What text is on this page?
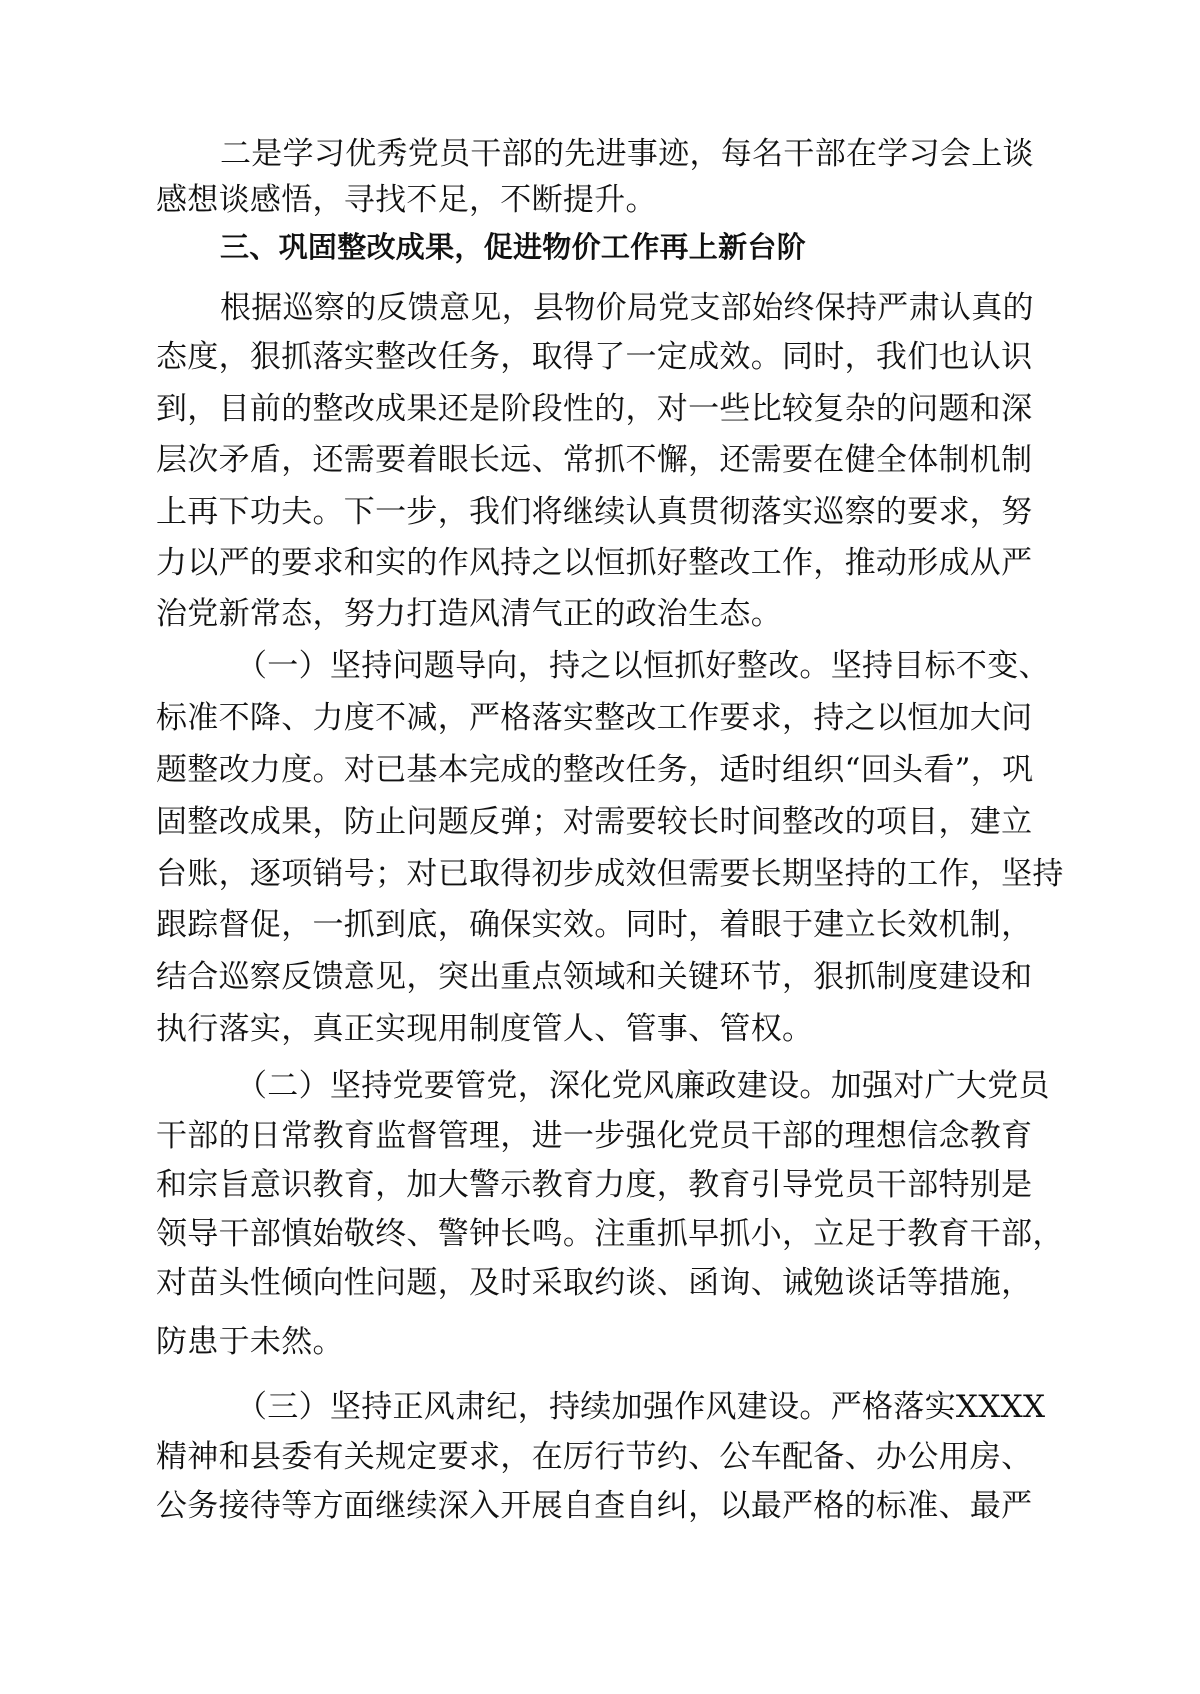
二是学习优秀党员干部的先进事迹，每名干部在学习会上谈
感想谈感悟，寻找不足，不断提升。
三、巩固整改成果，促进物价工作再上新台阶
根据巡察的反馈意见，县物价局党支部始终保持严肃认真的
态度，狠抓落实整改任务，取得了一定成效。同时，我们也认识
到，目前的整改成果还是阶段性的，对一些比较复杂的问题和深
层次矛盾，还需要着眼长远、常抓不懈，还需要在健全体制机制
上再下功夫。下一步，我们将继续认真贯彻落实巡察的要求，努
力以严的要求和实的作风持之以恒抓好整改工作，推动形成从严
治党新常态，努力打造风清气正的政治生态。
（一）坚持问题导向，持之以恒抓好整改。坚持目标不变、
标准不降、力度不减，严格落实整改工作要求，持之以恒加大问
题整改力度。对已基本完成的整改任务，适时组织“回头看”，巩
固整改成果，防止问题反弹；对需要较长时间整改的项目，建立
台账，逐项销号；对已取得初步成效但需要长期坚持的工作，坚持
跟踪督促，一抓到底，确保实效。同时，着眼于建立长效机制，
结合巡察反馈意见，突出重点领域和关键环节，狠抓制度建设和
执行落实，真正实现用制度管人、管事、管权。
（二）坚持党要管党，深化党风廉政建设。加强对广大党员
干部的日常教育监督管理，进一步强化党员干部的理想信念教育
和宗旨意识教育，加大警示教育力度，教育引导党员干部特别是
领导干部慎始敬终、警钟长鸣。注重抓早抓小，立足于教育干部，
对苗头性倾向性问题，及时采取约谈、函询、诫勉谈话等措施，
防患于未然。
（三）坚持正风肃纪，持续加强作风建设。严格落实XXXX
精神和县委有关规定要求，在厉行节约、公车配备、办公用房、
公务接待等方面继续深入开展自查自纠，以最严格的标准、最严
